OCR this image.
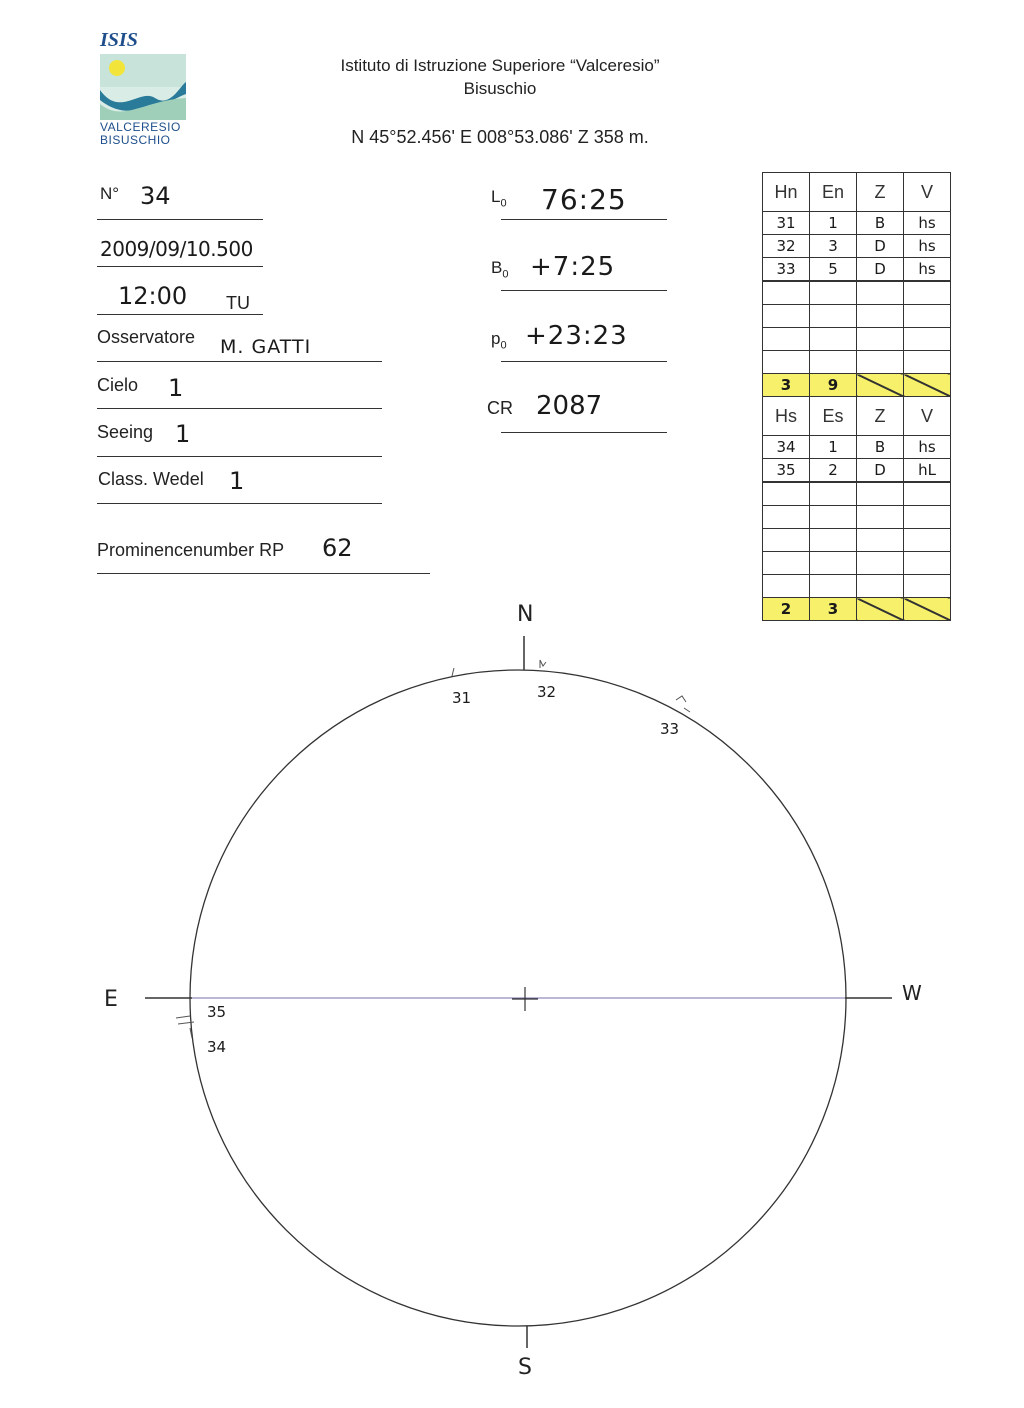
ISIS
VALCERESIO
BISUSCHIO
Istituto di Istruzione Superiore “Valceresio”
Bisuschio
N 45°52.456' E 008°53.086' Z 358 m.
N° 34
2009/09/10.500
12:00 TU
Osservatore M. GATTI
Cielo 1
Seeing 1
Class. Wedel 1
Prominencenumber RP 62
$L_0$ 76:25
$B_0$ +7:25
$p_0$ +23:23
CR 2087
Hn	En	Z	V
31	1	B	hs
32	3	D	hs
33	5	D	hs

3	9		
Hs	Es	Z	V
34	1	B	hs
35	2	D	hL

2	3		
N
S
E	W
31	32
33
35
34
